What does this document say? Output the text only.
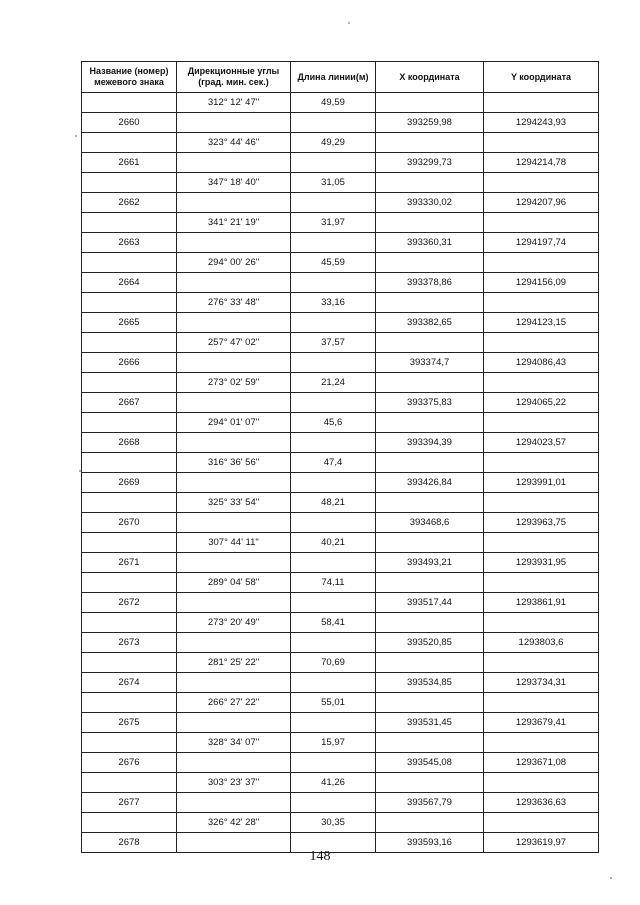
Название (номер) межевого знака	Дирекционные углы (град. мин. сек.)	Длина линии(м)	X координата	Y координата
	312° 12' 47"	49,59		
2660			393259,98	1294243,93
	323° 44' 46"	49,29		
2661			393299,73	1294214,78
	347° 18' 40"	31,05		
2662			393330,02	1294207,96
	341° 21' 19"	31,97		
2663			393360,31	1294197,74
	294° 00' 26"	45,59		
2664			393378,86	1294156,09
	276° 33' 48"	33,16		
2665			393382,65	1294123,15
	257° 47' 02"	37,57		
2666			393374,7	1294086,43
	273° 02' 59"	21,24		
2667			393375,83	1294065,22
	294° 01' 07"	45,6		
2668			393394,39	1294023,57
	316° 36' 56"	47,4		
2669			393426,84	1293991,01
	325° 33' 54"	48,21		
2670			393468,6	1293963,75
	307° 44' 11"	40,21		
2671			393493,21	1293931,95
	289° 04' 58"	74,11		
2672			393517,44	1293861,91
	273° 20' 49"	58,41		
2673			393520,85	1293803,6
	281° 25' 22"	70,69		
2674			393534,85	1293734,31
	266° 27' 22"	55,01		
2675			393531,45	1293679,41
	328° 34' 07"	15,97		
2676			393545,08	1293671,08
	303° 23' 37"	41,26		
2677			393567,79	1293636,63
	326° 42' 28"	30,35		
2678			393593,16	1293619,97
148
